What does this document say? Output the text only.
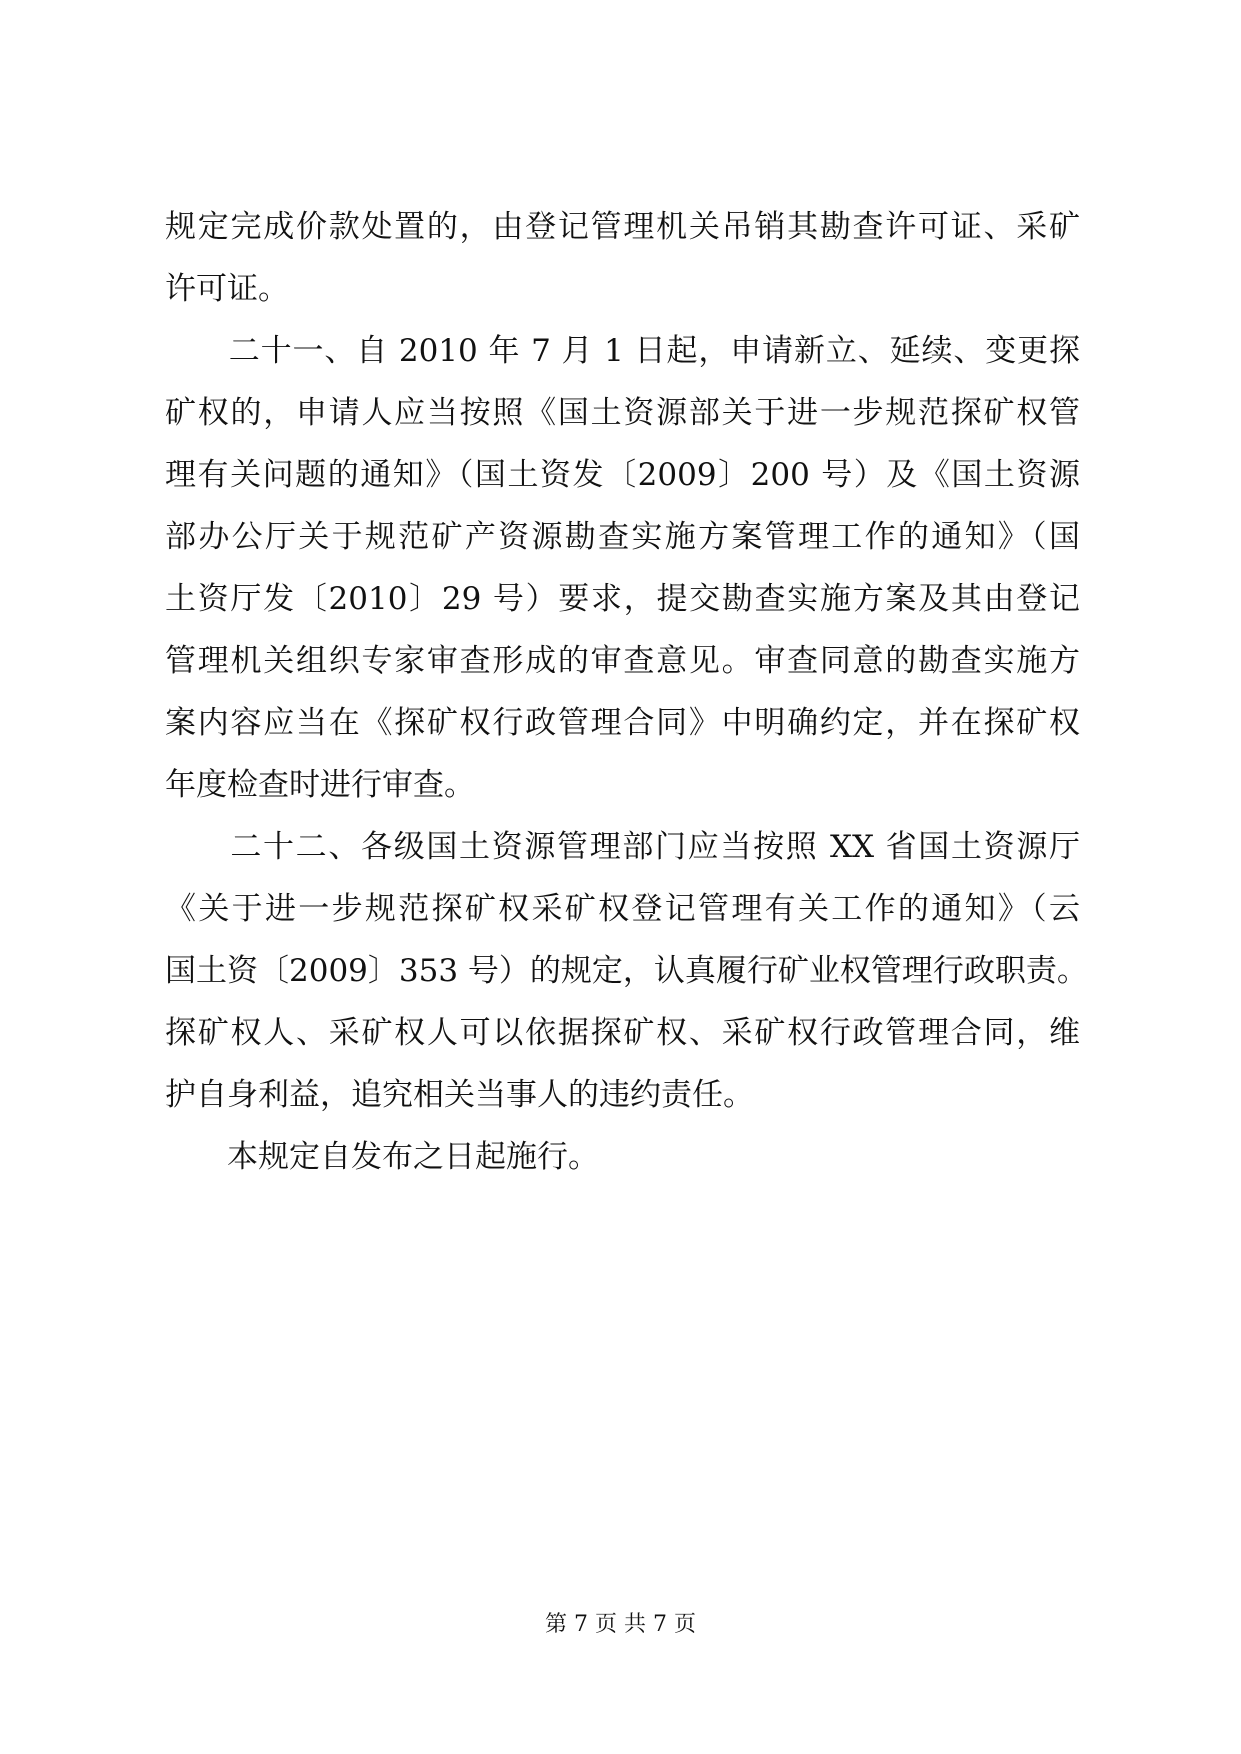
规定完成价款处置的，由登记管理机关吊销其勘查许可证、采矿
许可证。
　　二十一、自 2010 年 7 月 1 日起，申请新立、延续、变更探
矿权的，申请人应当按照《国土资源部关于进一步规范探矿权管
理有关问题的通知》（国土资发〔2009〕200 号）及《国土资源
部办公厅关于规范矿产资源勘查实施方案管理工作的通知》（国
土资厅发〔2010〕29 号）要求，提交勘查实施方案及其由登记
管理机关组织专家审查形成的审查意见。审查同意的勘查实施方
案内容应当在《探矿权行政管理合同》中明确约定，并在探矿权
年度检查时进行审查。
　　二十二、各级国土资源管理部门应当按照 XX 省国土资源厅
《关于进一步规范探矿权采矿权登记管理有关工作的通知》（云
国土资〔2009〕353 号）的规定，认真履行矿业权管理行政职责。
探矿权人、采矿权人可以依据探矿权、采矿权行政管理合同，维
护自身利益，追究相关当事人的违约责任。
　　本规定自发布之日起施行。
第 7 页 共 7 页
